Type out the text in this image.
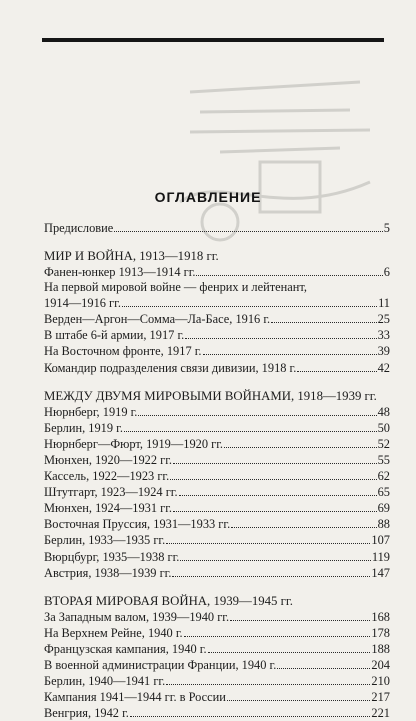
ОГЛАВЛЕНИЕ
Предисловие	5
МИР И ВОЙНА, 1913—1918 гг.
Фанен-юнкер 1913—1914 гг.	6
На первой мировой войне — фенрих и лейтенант,
1914—1916 гг.	11
Верден—Аргон—Сомма—Ла-Басе, 1916 г.	25
В штабе 6-й армии, 1917 г.	33
На Восточном фронте, 1917 г.	39
Командир подразделения связи дивизии, 1918 г.	42
МЕЖДУ ДВУМЯ МИРОВЫМИ ВОЙНАМИ, 1918—1939 гг.
Нюрнберг, 1919 г.	48
Берлин, 1919 г.	50
Нюрнберг—Фюрт, 1919—1920 гг.	52
Мюнхен, 1920—1922 гг.	55
Кассель, 1922—1923 гг.	62
Штутгарт, 1923—1924 гг.	65
Мюнхен, 1924—1931 гг.	69
Восточная Пруссия, 1931—1933 гг.	88
Берлин, 1933—1935 гг.	107
Вюрцбург, 1935—1938 гг.	119
Австрия, 1938—1939 гг.	147
ВТОРАЯ МИРОВАЯ ВОЙНА, 1939—1945 гг.
За Западным валом, 1939—1940 гг.	168
На Верхнем Рейне, 1940 г.	178
Французская кампания, 1940 г.	188
В военной администрации Франции, 1940 г.	204
Берлин, 1940—1941 гг.	210
Кампания 1941—1944 гг. в России	217
Венгрия, 1942 г.	221
